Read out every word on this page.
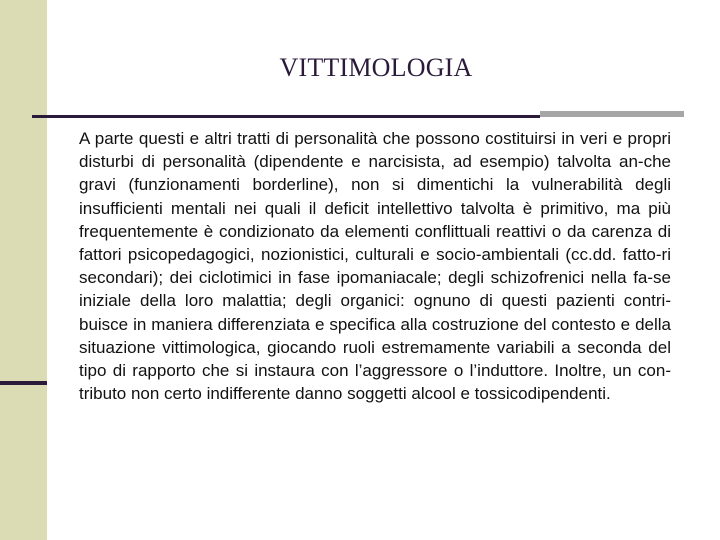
VITTIMOLOGIA

A parte questi e altri tratti di personalità che possono costituirsi in veri e propri disturbi di personalità (dipendente e narcisista, ad esempio) talvolta an-che gravi (funzionamenti borderline), non si dimentichi la vulnerabilità degli insufficienti mentali nei quali il deficit intellettivo talvolta è primitivo, ma più frequentemente è condizionato da elementi conflittuali reattivi o da carenza di fattori psicopedagogici, nozionistici, culturali e socio-ambientali (cc.dd. fatto-ri secondari); dei ciclotimici in fase ipomaniacale; degli schizofrenici nella fa-se iniziale della loro malattia; degli organici: ognuno di questi pazienti contri-buisce in maniera differenziata e specifica alla costruzione del contesto e della situazione vittimologica, giocando ruoli estremamente variabili a seconda del tipo di rapporto che si instaura con l’aggressore o l’induttore. Inoltre, un con-tributo non certo indifferente danno soggetti alcool e tossicodipendenti.
